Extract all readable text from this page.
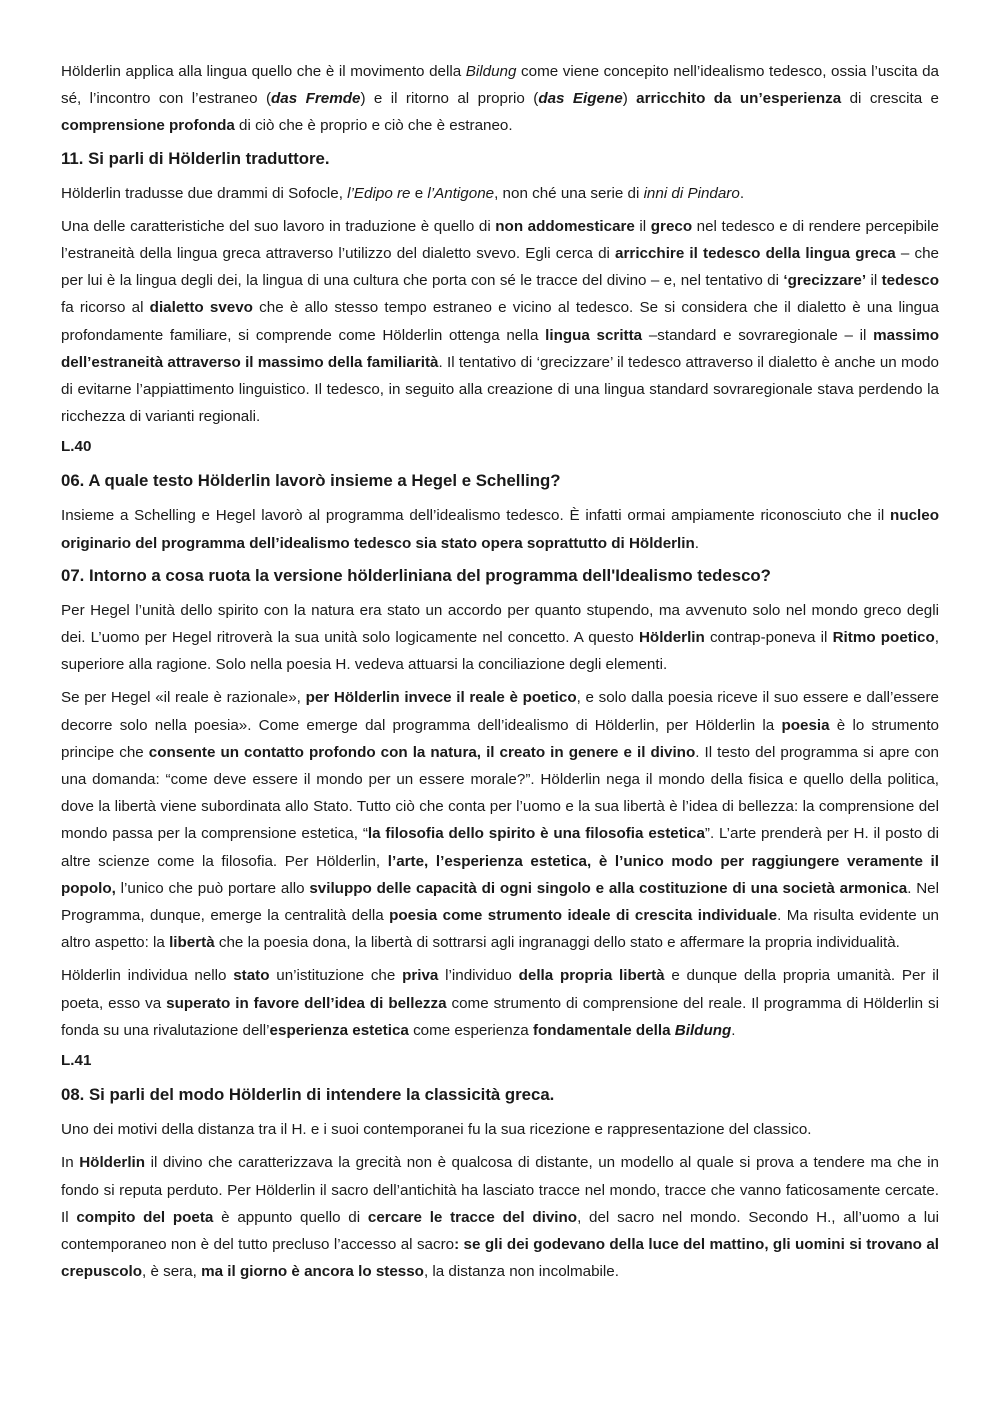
Hölderlin applica alla lingua quello che è il movimento della Bildung come viene concepito nell’idealismo tedesco, ossia l’uscita da sé, l’incontro con l’estraneo (das Fremde) e il ritorno al proprio (das Eigene) arricchito da un’esperienza di crescita e comprensione profonda di ciò che è proprio e ciò che è estraneo.

11. Si parli di Hölderlin traduttore.

Hölderlin tradusse due drammi di Sofocle, l’Edipo re e l’Antigone, non ché una serie di inni di Pindaro.

Una delle caratteristiche del suo lavoro in traduzione è quello di non addomesticare il greco nel tedesco e di rendere percepibile l’estraneità della lingua greca attraverso l’utilizzo del dialetto svevo. Egli cerca di arricchire il tedesco della lingua greca – che per lui è la lingua degli dei, la lingua di una cultura che porta con sé le tracce del divino – e, nel tentativo di ‘grecizzare’ il tedesco fa ricorso al dialetto svevo che è allo stesso tempo estraneo e vicino al tedesco. Se si considera che il dialetto è una lingua profondamente familiare, si comprende come Hölderlin ottenga nella lingua scritta –standard e sovraregionale – il massimo dell’estraneità attraverso il massimo della familiarità. Il tentativo di ‘grecizzare’ il tedesco attraverso il dialetto è anche un modo di evitarne l’appiattimento linguistico. Il tedesco, in seguito alla creazione di una lingua standard sovraregionale stava perdendo la ricchezza di varianti regionali.

L.40
06. A quale testo Hölderlin lavorò insieme a Hegel e Schelling?

Insieme a Schelling e Hegel lavorò al programma dell’idealismo tedesco. È infatti ormai ampiamente riconosciuto che il nucleo originario del programma dell’idealismo tedesco sia stato opera soprattutto di Hölderlin.

07. Intorno a cosa ruota la versione hölderliniana del programma dell'Idealismo tedesco?

Per Hegel l’unità dello spirito con la natura era stato un accordo per quanto stupendo, ma avvenuto solo nel mondo greco degli dei. L’uomo per Hegel ritroverà la sua unità solo logicamente nel concetto. A questo Hölderlin contrap-poneva il Ritmo poetico, superiore alla ragione. Solo nella poesia H. vedeva attuarsi la conciliazione degli elementi.

Se per Hegel «il reale è razionale», per Hölderlin invece il reale è poetico, e solo dalla poesia riceve il suo essere e dall’essere decorre solo nella poesia». Come emerge dal programma dell’idealismo di Hölderlin, per Hölderlin la poesia è lo strumento principe che consente un contatto profondo con la natura, il creato in genere e il divino. Il testo del programma si apre con una domanda: “come deve essere il mondo per un essere morale?”. Hölderlin nega il mondo della fisica e quello della politica, dove la libertà viene subordinata allo Stato. Tutto ciò che conta per l’uomo e la sua libertà è l’idea di bellezza: la comprensione del mondo passa per la comprensione estetica, “la filosofia dello spirito è una filosofia estetica”. L’arte prenderà per H. il posto di altre scienze come la filosofia. Per Hölderlin, l’arte, l’esperienza estetica, è l’unico modo per raggiungere veramente il popolo, l’unico che può portare allo sviluppo delle capacità di ogni singolo e alla costituzione di una società armonica. Nel Programma, dunque, emerge la centralità della poesia come strumento ideale di crescita individuale. Ma risulta evidente un altro aspetto: la libertà che la poesia dona, la libertà di sottrarsi agli ingranaggi dello stato e affermare la propria individualità.

Hölderlin individua nello stato un’istituzione che priva l’individuo della propria libertà e dunque della propria umanità. Per il poeta, esso va superato in favore dell’idea di bellezza come strumento di comprensione del reale. Il programma di Hölderlin si fonda su una rivalutazione dell’esperienza estetica come esperienza fondamentale della Bildung.

L.41
08. Si parli del modo Hölderlin di intendere la classicità greca.

Uno dei motivi della distanza tra il H. e i suoi contemporanei fu la sua ricezione e rappresentazione del classico.

In Hölderlin il divino che caratterizzava la grecità non è qualcosa di distante, un modello al quale si prova a tendere ma che in fondo si reputa perduto. Per Hölderlin il sacro dell’antichità ha lasciato tracce nel mondo, tracce che vanno faticosamente cercate. Il compito del poeta è appunto quello di cercare le tracce del divino, del sacro nel mondo. Secondo H., all’uomo a lui contemporaneo non è del tutto precluso l’accesso al sacro: se gli dei godevano della luce del mattino, gli uomini si trovano al crepuscolo, è sera, ma il giorno è ancora lo stesso, la distanza non incolmabile.
